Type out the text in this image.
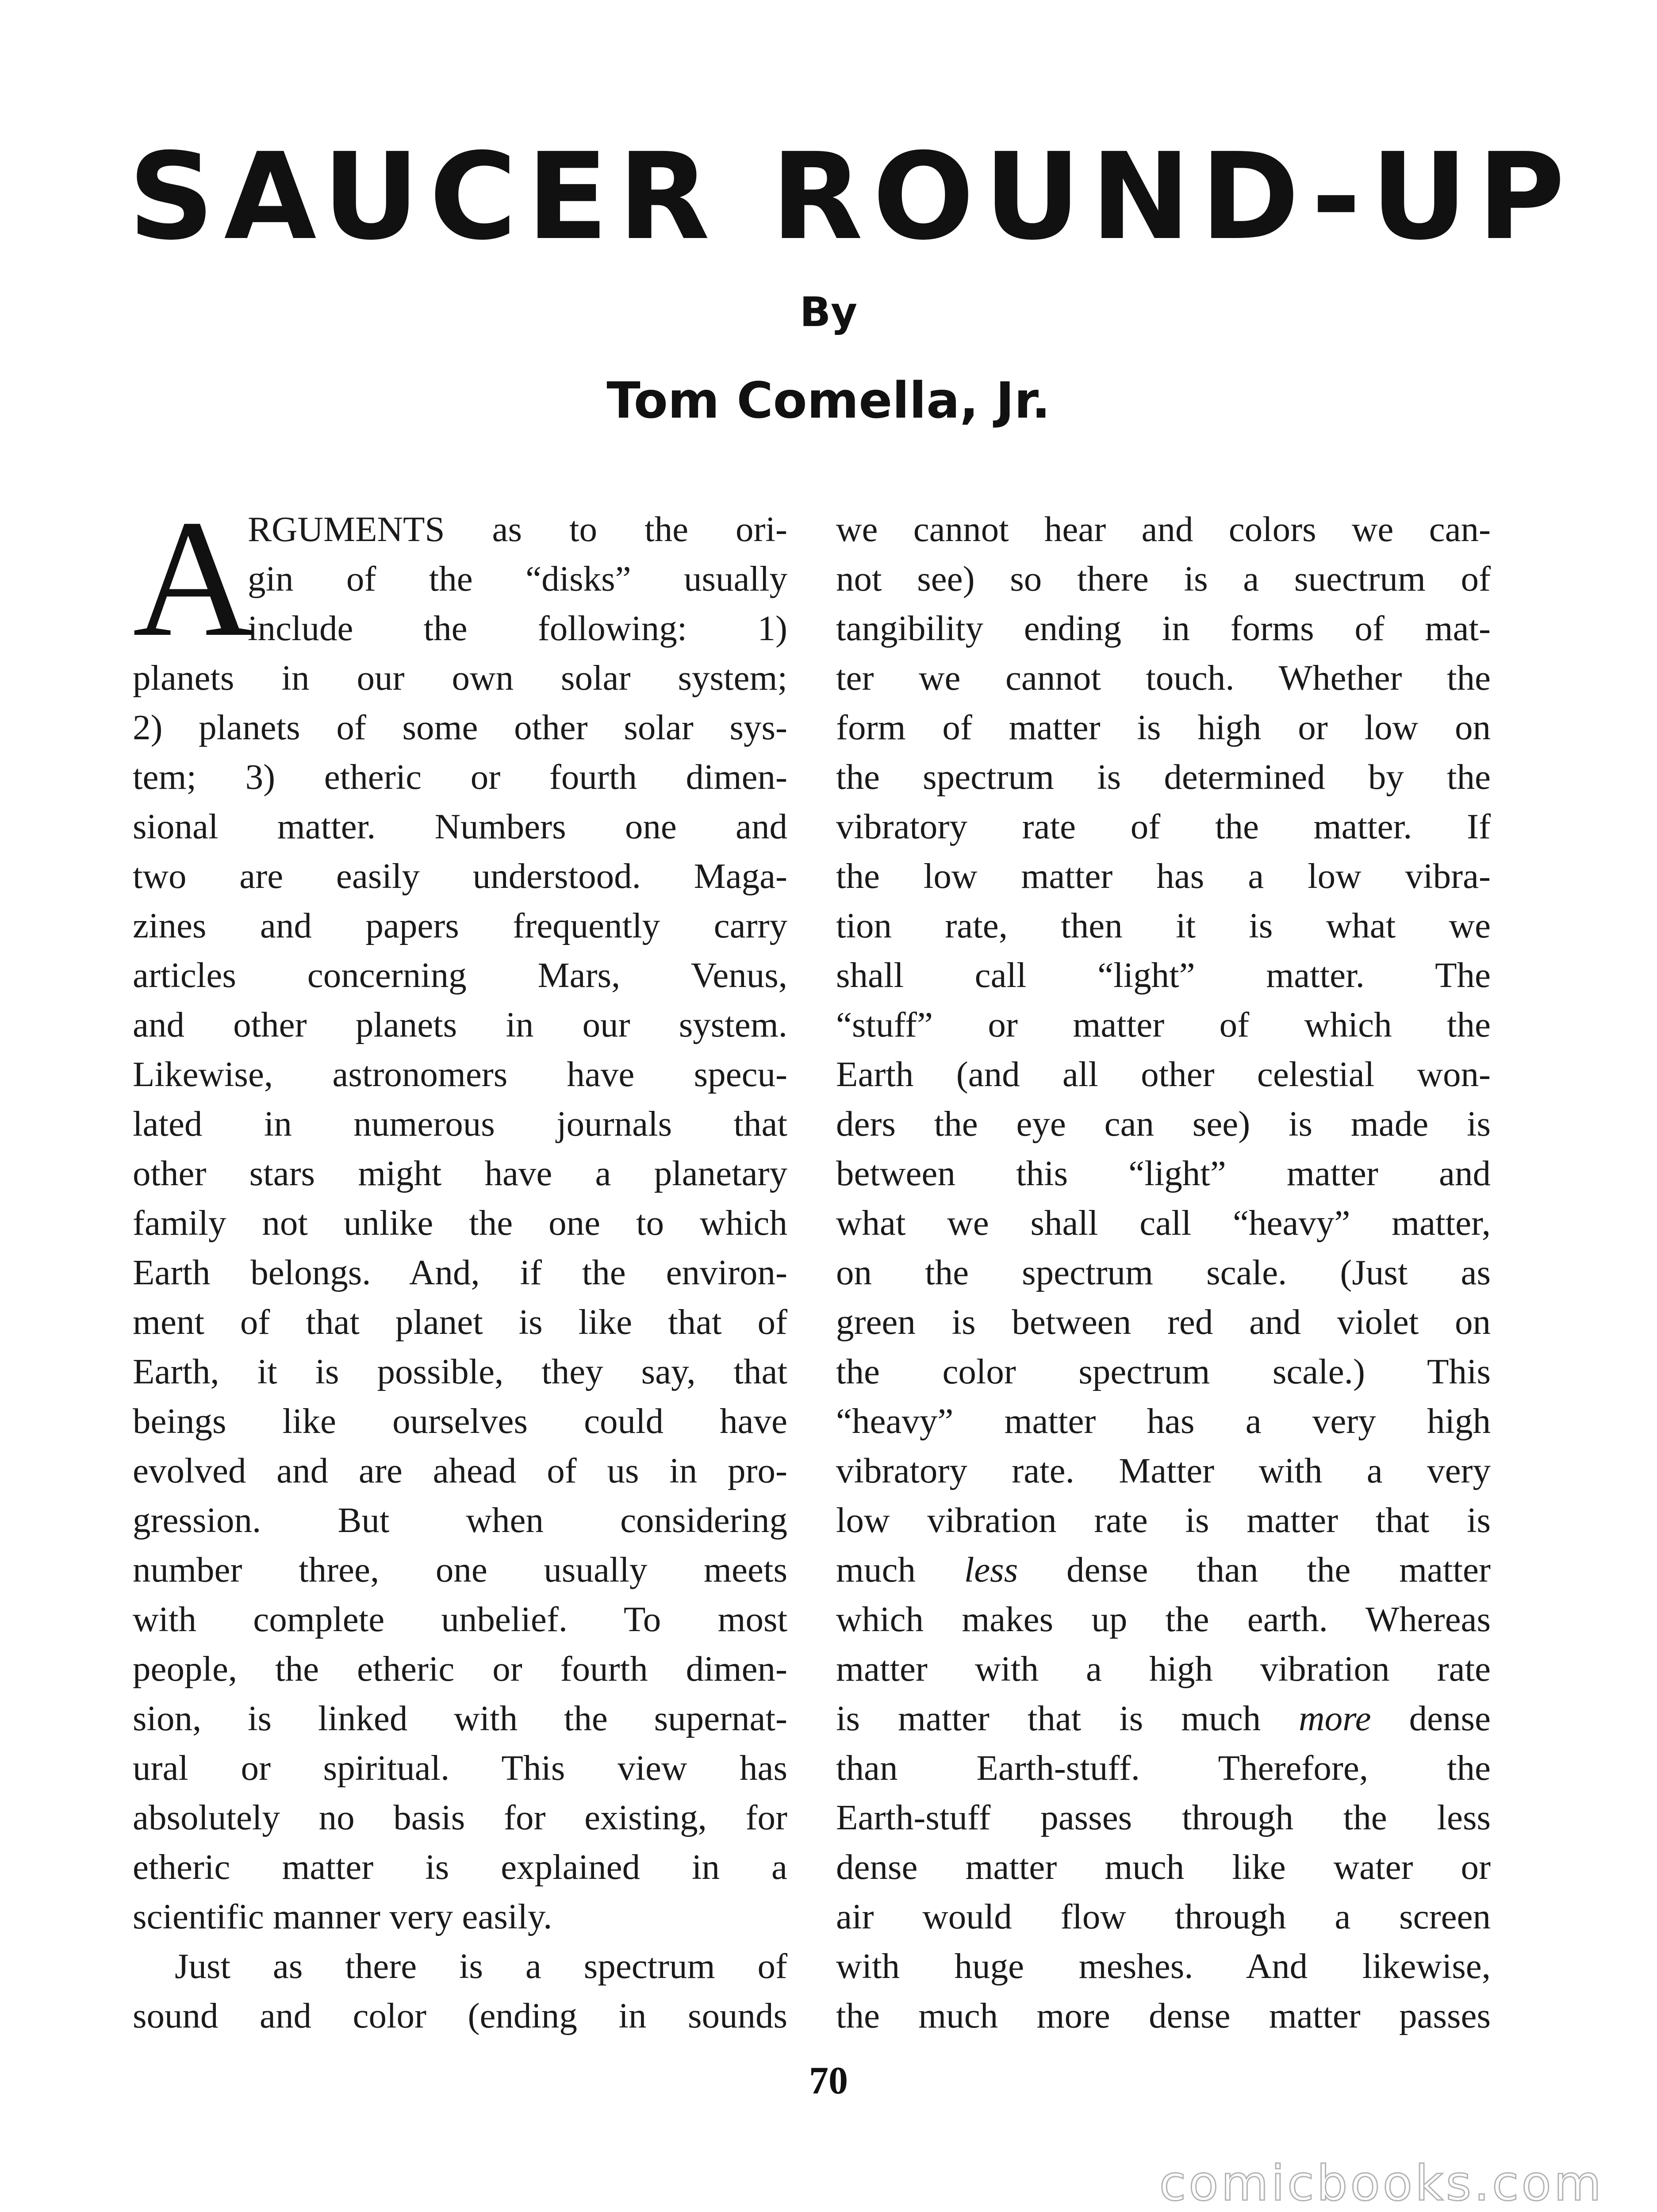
SAUCER ROUND-UP
By
Tom Comella, Jr.
A
RGUMENTS as to the ori-
gin of the “disks” usually
include the following: 1)
planets in our own solar system;
2) planets of some other solar sys-
tem; 3) etheric or fourth dimen-
sional matter. Numbers one and
two are easily understood. Maga-
zines and papers frequently carry
articles concerning Mars, Venus,
and other planets in our system.
Likewise, astronomers have specu-
lated in numerous journals that
other stars might have a planetary
family not unlike the one to which
Earth belongs. And, if the environ-
ment of that planet is like that of
Earth, it is possible, they say, that
beings like ourselves could have
evolved and are ahead of us in pro-
gression. But when considering
number three, one usually meets
with complete unbelief. To most
people, the etheric or fourth dimen-
sion, is linked with the supernat-
ural or spiritual. This view has
absolutely no basis for existing, for
etheric matter is explained in a
scientific manner very easily.
Just as there is a spectrum of
sound and color (ending in sounds
we cannot hear and colors we can-
not see) so there is a suectrum of
tangibility ending in forms of mat-
ter we cannot touch. Whether the
form of matter is high or low on
the spectrum is determined by the
vibratory rate of the matter. If
the low matter has a low vibra-
tion rate, then it is what we
shall call “light” matter. The
“stuff” or matter of which the
Earth (and all other celestial won-
ders the eye can see) is made is
between this “light” matter and
what we shall call “heavy” matter,
on the spectrum scale. (Just as
green is between red and violet on
the color spectrum scale.) This
“heavy” matter has a very high
vibratory rate. Matter with a very
low vibration rate is matter that is
much less dense than the matter
which makes up the earth. Whereas
matter with a high vibration rate
is matter that is much more dense
than Earth-stuff. Therefore, the
Earth-stuff passes through the less
dense matter much like water or
air would flow through a screen
with huge meshes. And likewise,
the much more dense matter passes
70
comicbooks.com
